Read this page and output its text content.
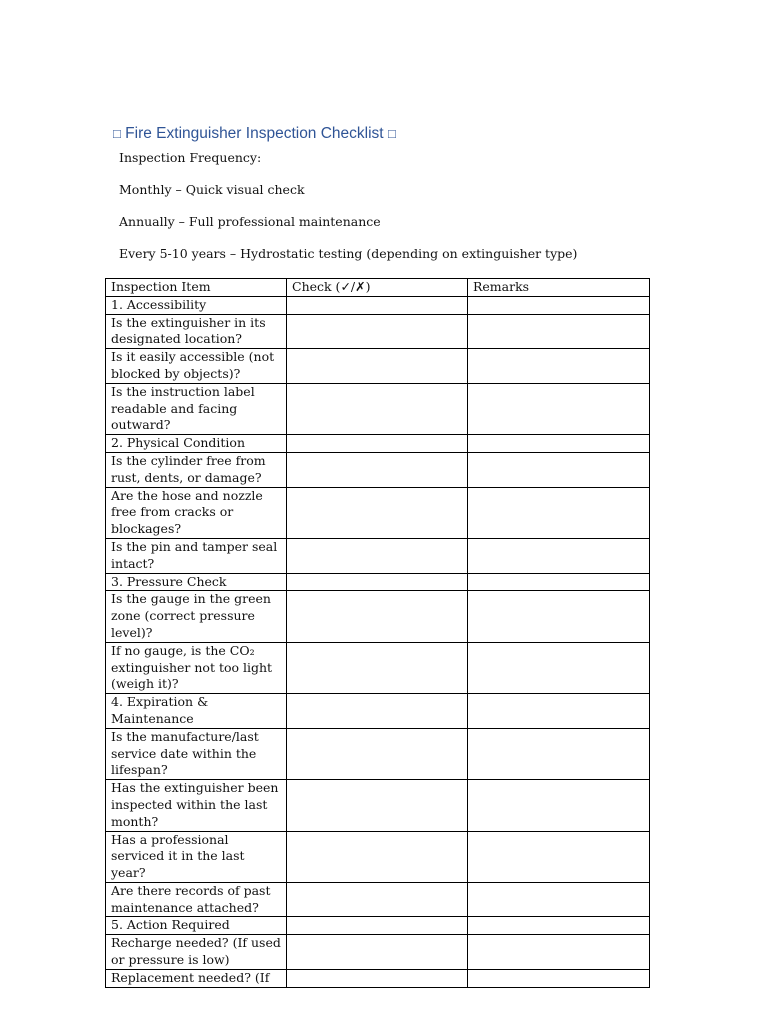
□ Fire Extinguisher Inspection Checklist □
Inspection Frequency:
Monthly – Quick visual check
Annually – Full professional maintenance
Every 5-10 years – Hydrostatic testing (depending on extinguisher type)
Inspection Item	Check (✓/✗)	Remarks
1. Accessibility		
Is the extinguisher in its designated location?		
Is it easily accessible (not blocked by objects)?		
Is the instruction label readable and facing outward?		
2. Physical Condition		
Is the cylinder free from rust, dents, or damage?		
Are the hose and nozzle free from cracks or blockages?		
Is the pin and tamper seal intact?		
3. Pressure Check		
Is the gauge in the green zone (correct pressure level)?		
If no gauge, is the CO₂ extinguisher not too light (weigh it)?		
4. Expiration & Maintenance		
Is the manufacture/last service date within the lifespan?		
Has the extinguisher been inspected within the last month?		
Has a professional serviced it in the last year?		
Are there records of past maintenance attached?		
5. Action Required		
Recharge needed? (If used or pressure is low)		
Replacement needed? (If		
